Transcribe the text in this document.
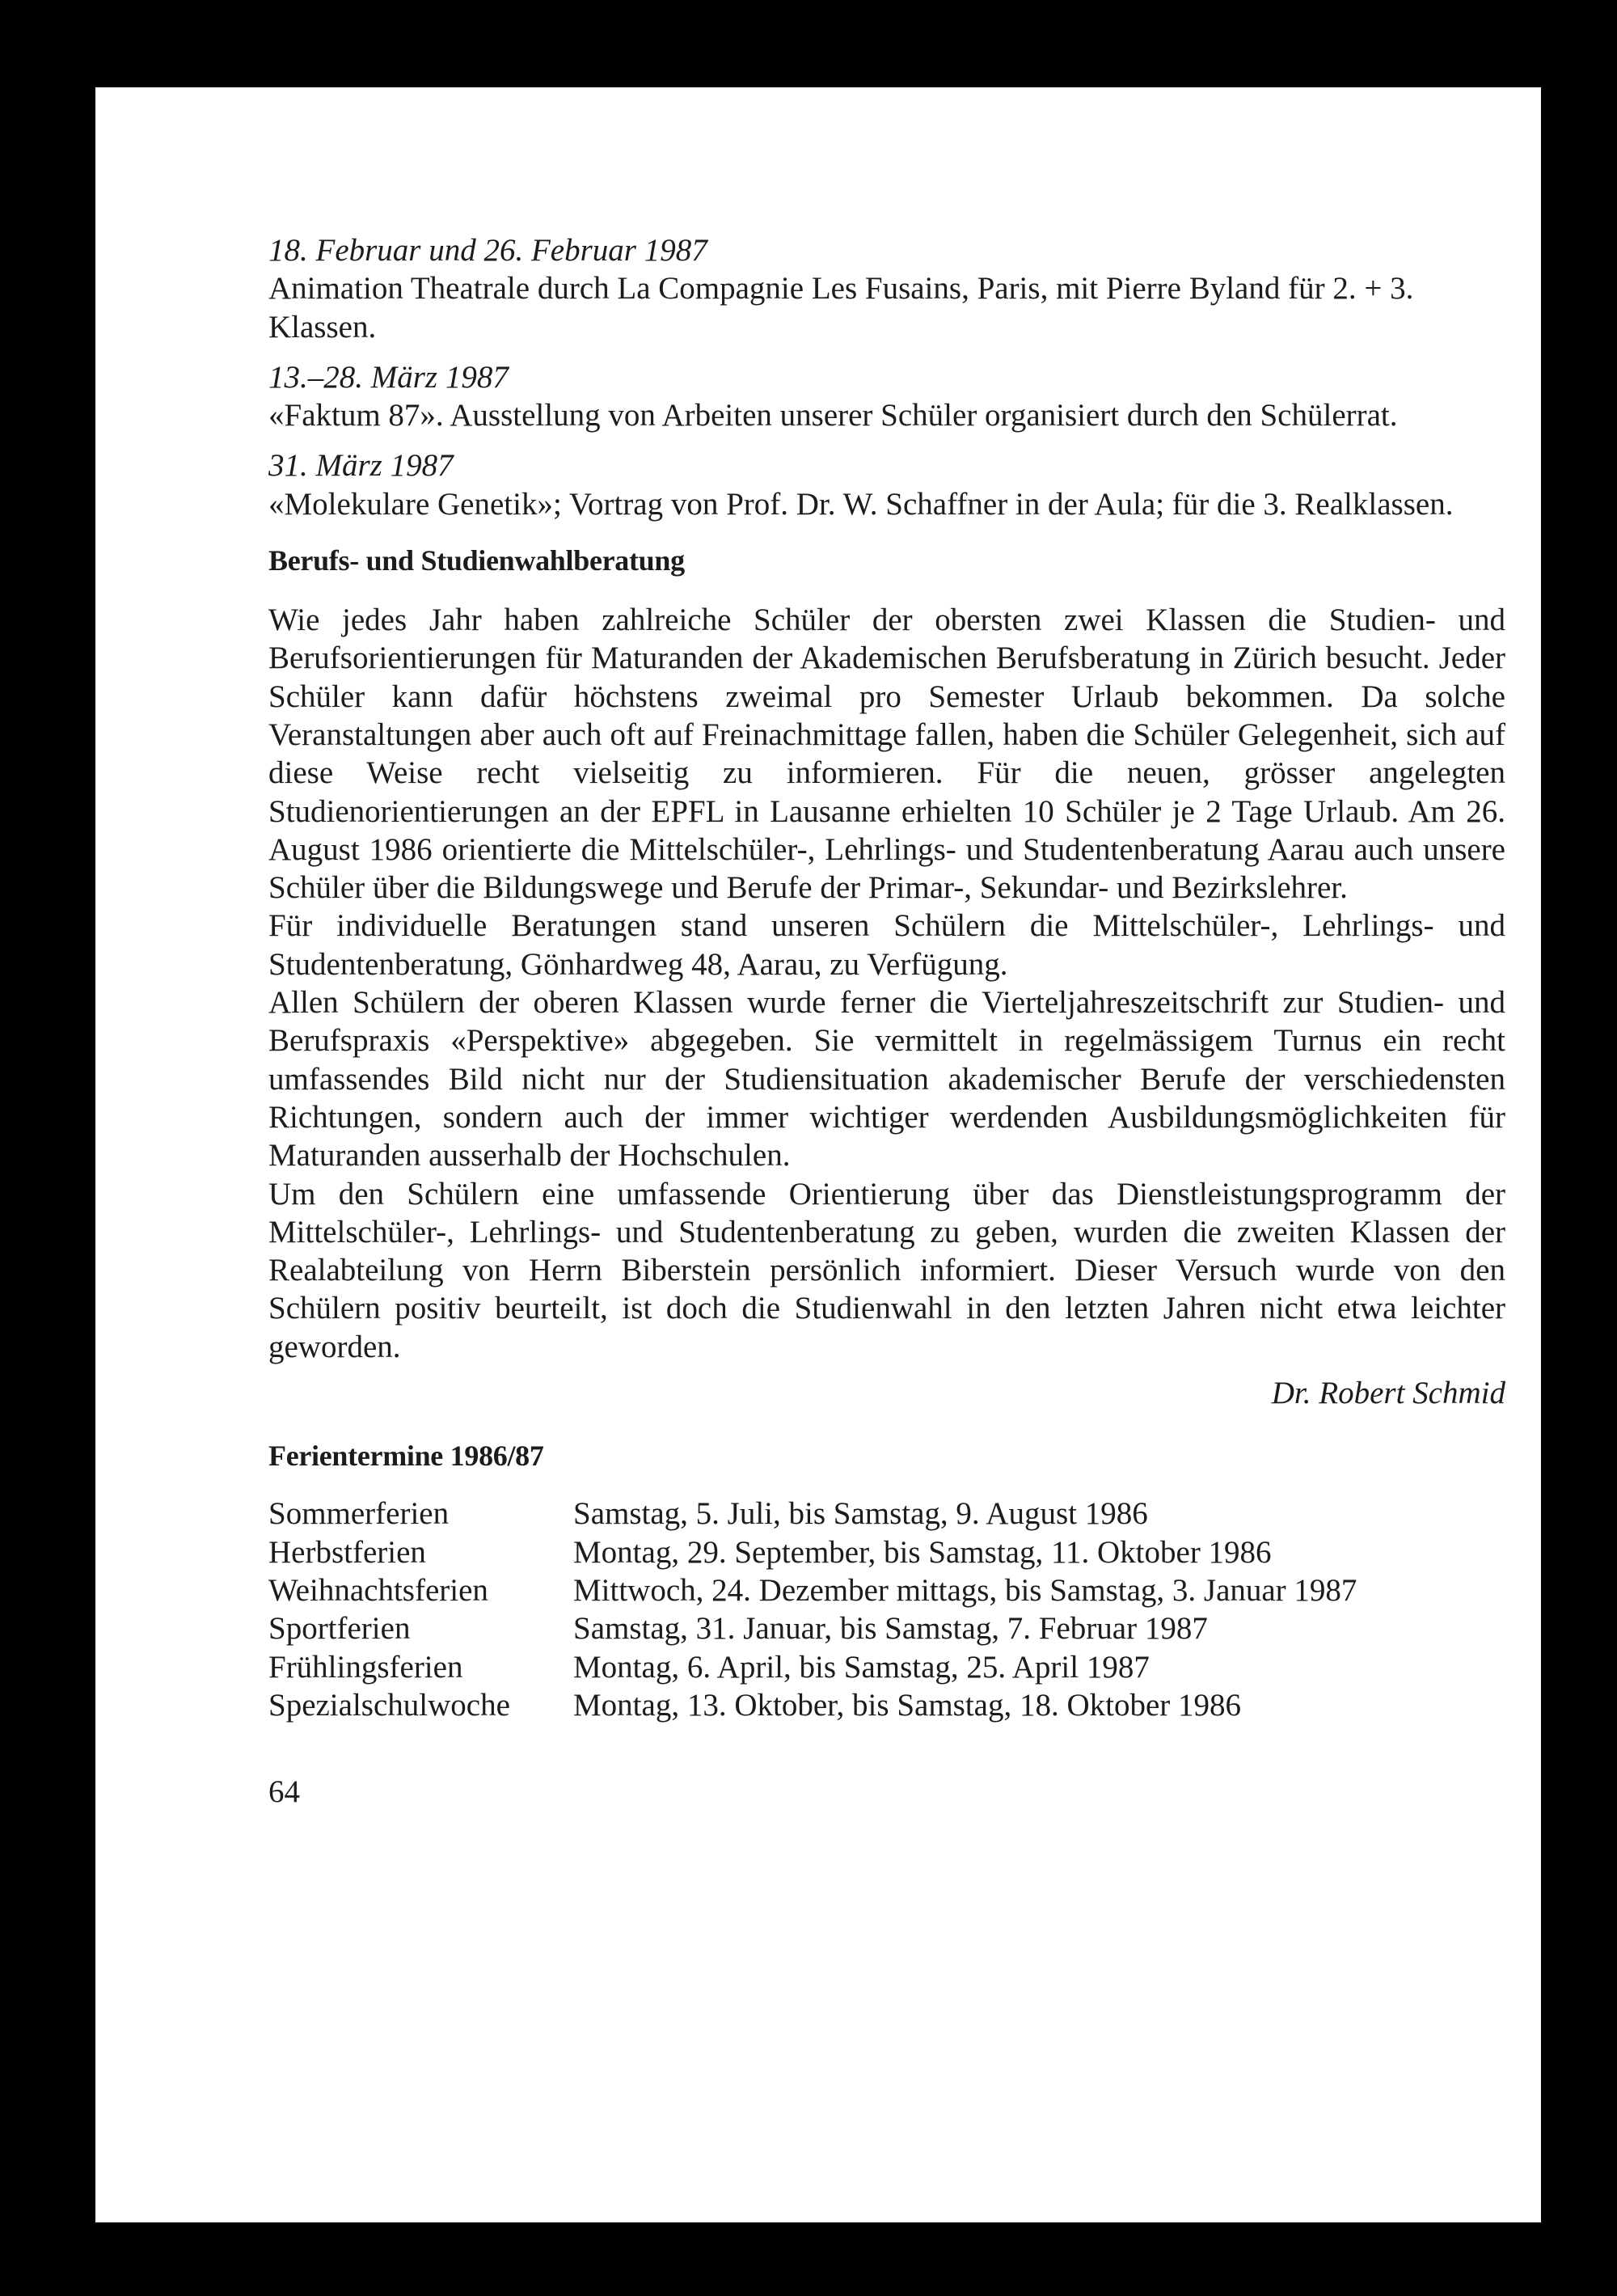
18. Februar und 26. Februar 1987
Animation Theatrale durch La Compagnie Les Fusains, Paris, mit Pierre Byland für 2. + 3. Klassen.
13.–28. März 1987
«Faktum 87». Ausstellung von Arbeiten unserer Schüler organisiert durch den Schülerrat.
31. März 1987
«Molekulare Genetik»; Vortrag von Prof. Dr. W. Schaffner in der Aula; für die 3. Realklassen.
Berufs- und Studienwahlberatung

Wie jedes Jahr haben zahlreiche Schüler der obersten zwei Klassen die Studien- und Berufsorientierungen für Maturanden der Akademischen Berufsberatung in Zürich besucht. Jeder Schüler kann dafür höchstens zweimal pro Semester Urlaub bekommen. Da solche Veranstaltungen aber auch oft auf Freinachmittage fallen, haben die Schüler Gelegenheit, sich auf diese Weise recht vielseitig zu informieren. Für die neuen, grösser angelegten Studienorientierungen an der EPFL in Lausanne erhielten 10 Schüler je 2 Tage Urlaub. Am 26. August 1986 orientierte die Mittelschüler-, Lehrlings- und Studentenberatung Aarau auch unsere Schüler über die Bildungswege und Berufe der Primar-, Sekundar- und Bezirkslehrer.

Für individuelle Beratungen stand unseren Schülern die Mittelschüler-, Lehrlings- und Studentenberatung, Gönhardweg 48, Aarau, zu Verfügung.

Allen Schülern der oberen Klassen wurde ferner die Vierteljahreszeitschrift zur Studien- und Berufspraxis «Perspektive» abgegeben. Sie vermittelt in regelmässigem Turnus ein recht umfassendes Bild nicht nur der Studiensituation akademischer Berufe der verschiedensten Richtungen, sondern auch der immer wichtiger werdenden Ausbildungsmöglichkeiten für Maturanden ausserhalb der Hochschulen.

Um den Schülern eine umfassende Orientierung über das Dienstleistungsprogramm der Mittelschüler-, Lehrlings- und Studentenberatung zu geben, wurden die zweiten Klassen der Realabteilung von Herrn Biberstein persönlich informiert. Dieser Versuch wurde von den Schülern positiv beurteilt, ist doch die Studienwahl in den letzten Jahren nicht etwa leichter geworden.

Dr. Robert Schmid
Ferientermine 1986/87
Sommerferien	Samstag, 5. Juli, bis Samstag, 9. August 1986
Herbstferien	Montag, 29. September, bis Samstag, 11. Oktober 1986
Weihnachtsferien	Mittwoch, 24. Dezember mittags, bis Samstag, 3. Januar 1987
Sportferien	Samstag, 31. Januar, bis Samstag, 7. Februar 1987
Frühlingsferien	Montag, 6. April, bis Samstag, 25. April 1987
Spezialschulwoche	Montag, 13. Oktober, bis Samstag, 18. Oktober 1986
64
